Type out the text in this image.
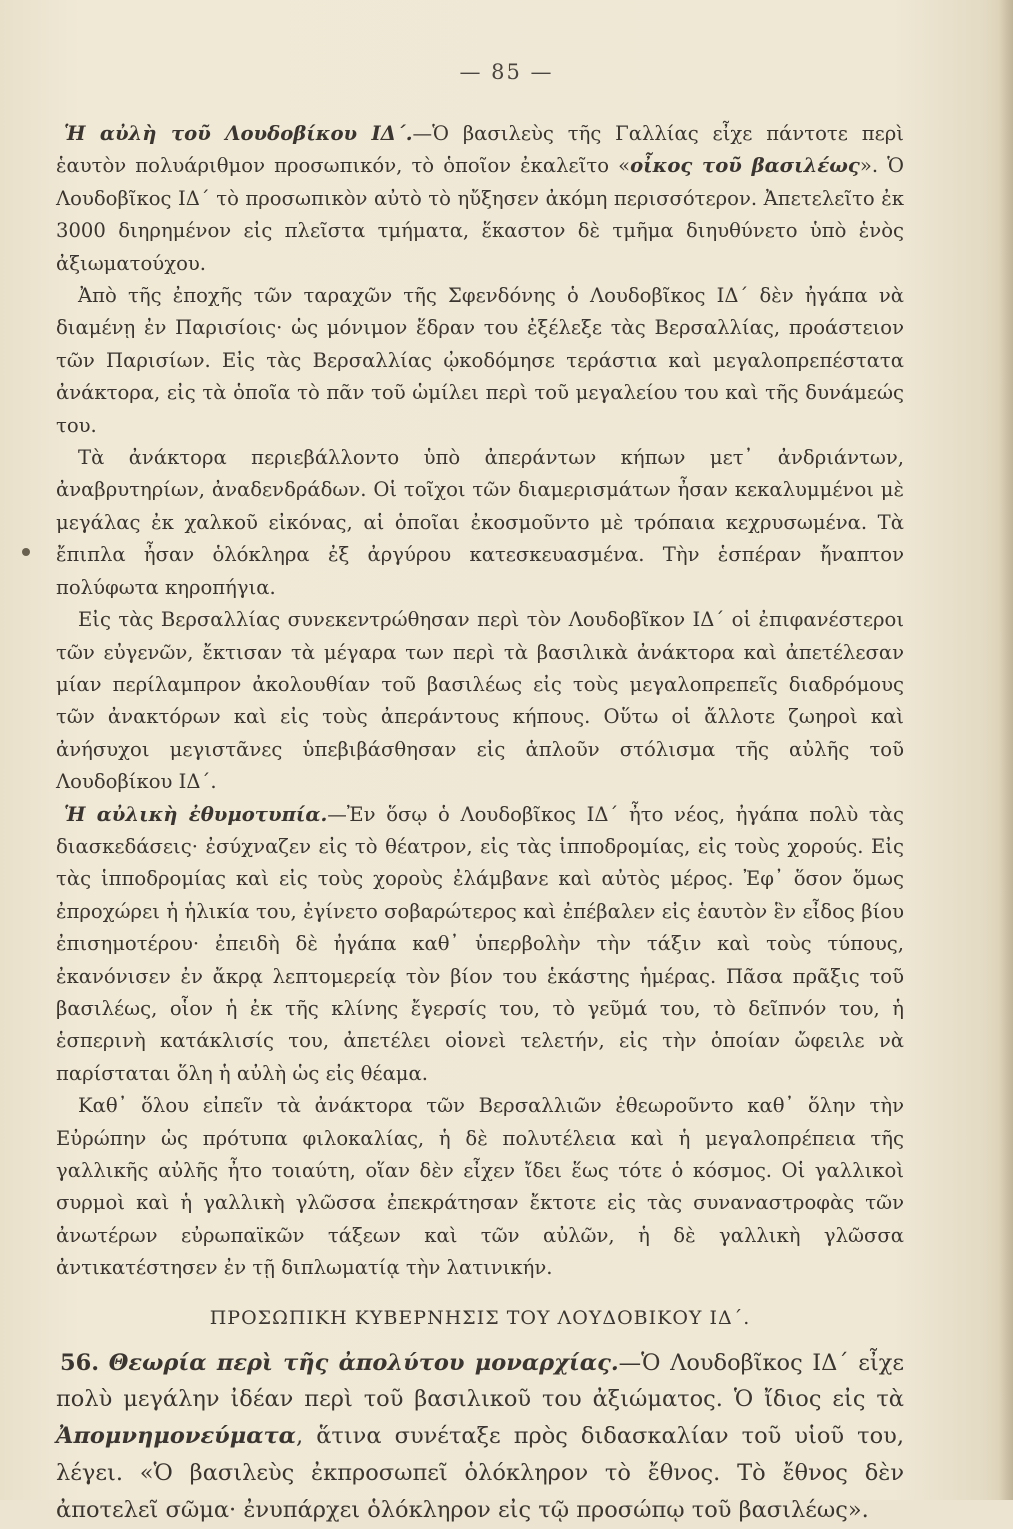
— 85 —

Ἡ αὐλὴ τοῦ Λουδοβίκου ΙΔ΄.—Ὁ βασιλεὺς τῆς Γαλλίας εἶχε πάντοτε περὶ ἑαυτὸν πολυάριθμον προσωπικόν, τὸ ὁποῖον ἐκαλεῖτο «οἶκος τοῦ βασιλέως». Ὁ Λουδοβῖκος ΙΔ΄ τὸ προσωπικὸν αὐτὸ τὸ ηὔξησεν ἀκόμη περισσότερον. Ἀπετελεῖτο ἐκ 3000 διηρημένον εἰς πλεῖστα τμήματα, ἕκαστον δὲ τμῆμα διηυθύνετο ὑπὸ ἑνὸς ἀξιωματούχου.

Ἀπὸ τῆς ἐποχῆς τῶν ταραχῶν τῆς Σφενδόνης ὁ Λουδοβῖκος ΙΔ΄ δὲν ἠγάπα νὰ διαμένῃ ἐν Παρισίοις· ὡς μόνιμον ἕδραν του ἐξέλεξε τὰς Βερσαλλίας, προάστειον τῶν Παρισίων. Εἰς τὰς Βερσαλλίας ᾠκοδόμησε τεράστια καὶ μεγαλοπρεπέστατα ἀνάκτορα, εἰς τὰ ὁποῖα τὸ πᾶν τοῦ ὡμίλει περὶ τοῦ μεγαλείου του καὶ τῆς δυνάμεώς του.

Τὰ ἀνάκτορα περιεβάλλοντο ὑπὸ ἀπεράντων κήπων μετ᾽ ἀνδριάντων, ἀναβρυτηρίων, ἀναδενδράδων. Οἱ τοῖχοι τῶν διαμερισμάτων ἦσαν κεκαλυμμένοι μὲ μεγάλας ἐκ χαλκοῦ εἰκόνας, αἱ ὁποῖαι ἐκοσμοῦντο μὲ τρόπαια κεχρυσωμένα. Τὰ ἔπιπλα ἦσαν ὁλόκληρα ἐξ ἀργύρου κατεσκευασμένα. Τὴν ἑσπέραν ἤναπτον πολύφωτα κηροπήγια.

Εἰς τὰς Βερσαλλίας συνεκεντρώθησαν περὶ τὸν Λουδοβῖκον ΙΔ΄ οἱ ἐπιφανέστεροι τῶν εὐγενῶν, ἔκτισαν τὰ μέγαρα των περὶ τὰ βασιλικὰ ἀνάκτορα καὶ ἀπετέλεσαν μίαν περίλαμπρον ἀκολουθίαν τοῦ βασιλέως εἰς τοὺς μεγαλοπρεπεῖς διαδρόμους τῶν ἀνακτόρων καὶ εἰς τοὺς ἀπεράντους κήπους. Οὕτω οἱ ἄλλοτε ζωηροὶ καὶ ἀνήσυχοι μεγιστᾶνες ὑπεβιβάσθησαν εἰς ἁπλοῦν στόλισμα τῆς αὐλῆς τοῦ Λουδοβίκου ΙΔ΄.

Ἡ αὐλικὴ ἐθυμοτυπία.—Ἐν ὅσῳ ὁ Λουδοβῖκος ΙΔ΄ ἦτο νέος, ἠγάπα πολὺ τὰς διασκεδάσεις· ἐσύχναζεν εἰς τὸ θέατρον, εἰς τὰς ἱπποδρομίας, εἰς τοὺς χορούς. Εἰς τὰς ἱπποδρομίας καὶ εἰς τοὺς χοροὺς ἐλάμβανε καὶ αὐτὸς μέρος. Ἐφ᾽ ὅσον ὅμως ἐπροχώρει ἡ ἡλικία του, ἐγίνετο σοβαρώτερος καὶ ἐπέβαλεν εἰς ἑαυτὸν ἓν εἶδος βίου ἐπισημοτέρου· ἐπειδὴ δὲ ἠγάπα καθ᾽ ὑπερβολὴν τὴν τάξιν καὶ τοὺς τύπους, ἐκανόνισεν ἐν ἄκρᾳ λεπτομερείᾳ τὸν βίον του ἑκάστης ἡμέρας. Πᾶσα πρᾶξις τοῦ βασιλέως, οἷον ἡ ἐκ τῆς κλίνης ἔγερσίς του, τὸ γεῦμά του, τὸ δεῖπνόν του, ἡ ἑσπερινὴ κατάκλισίς του, ἀπετέλει οἱονεὶ τελετήν, εἰς τὴν ὁποίαν ὤφειλε νὰ παρίσταται ὅλη ἡ αὐλὴ ὡς εἰς θέαμα.

Καθ᾽ ὅλου εἰπεῖν τὰ ἀνάκτορα τῶν Βερσαλλιῶν ἐθεωροῦντο καθ᾽ ὅλην τὴν Εὐρώπην ὡς πρότυπα φιλοκαλίας, ἡ δὲ πολυτέλεια καὶ ἡ μεγαλοπρέπεια τῆς γαλλικῆς αὐλῆς ἦτο τοιαύτη, οἵαν δὲν εἶχεν ἴδει ἕως τότε ὁ κόσμος. Οἱ γαλλικοὶ συρμοὶ καὶ ἡ γαλλικὴ γλῶσσα ἐπεκράτησαν ἔκτοτε εἰς τὰς συναναστροφὰς τῶν ἀνωτέρων εὐρωπαϊκῶν τάξεων καὶ τῶν αὐλῶν, ἡ δὲ γαλλικὴ γλῶσσα ἀντικατέστησεν ἐν τῇ διπλωματίᾳ τὴν λατινικήν.

ΠΡΟΣΩΠΙΚΗ ΚΥΒΕΡΝΗΣΙΣ ΤΟΥ ΛΟΥΔΟΒΙΚΟΥ ΙΔ΄.

56. Θεωρία περὶ τῆς ἀπολύτου μοναρχίας.—Ὁ Λουδοβῖκος ΙΔ΄ εἶχε πολὺ μεγάλην ἰδέαν περὶ τοῦ βασιλικοῦ του ἀξιώματος. Ὁ ἴδιος εἰς τὰ Ἀπομνημονεύματα, ἅτινα συνέταξε πρὸς διδασκαλίαν τοῦ υἱοῦ του, λέγει. «Ὁ βασιλεὺς ἐκπροσωπεῖ ὁλόκληρον τὸ ἔθνος. Τὸ ἔθνος δὲν ἀποτελεῖ σῶμα· ἐνυπάρχει ὁλόκληρον εἰς τῷ προσώπῳ τοῦ βασιλέως».
